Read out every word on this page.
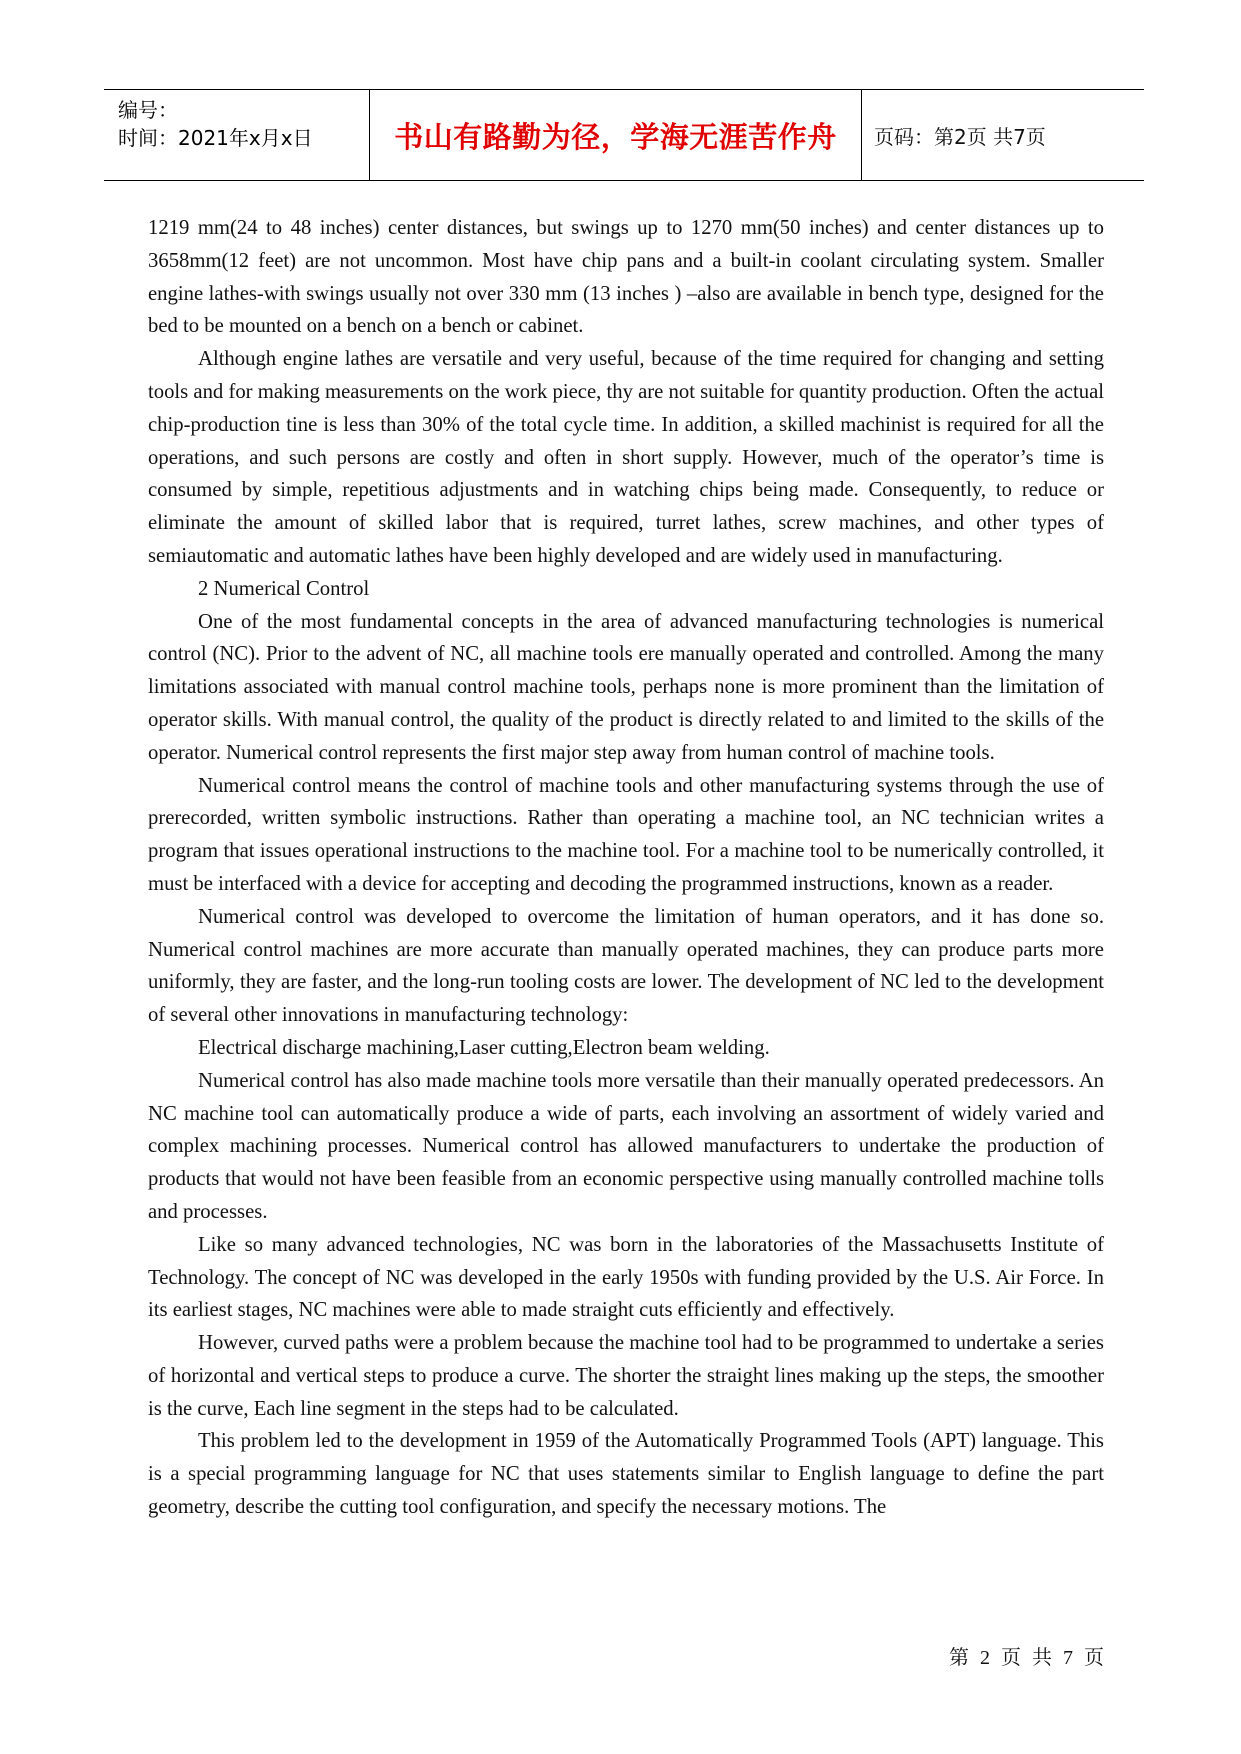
编号：
时间：2021年x月x日	书山有路勤为径，学海无涯苦作舟 页码：第2页 共7页

1219 mm(24 to 48 inches) center distances, but swings up to 1270 mm(50 inches) and center distances up to 3658mm(12 feet) are not uncommon. Most have chip pans and a built-in coolant circulating system. Smaller engine lathes-with swings usually not over 330 mm (13 inches ) –also are available in bench type, designed for the bed to be mounted on a bench on a bench or cabinet.

Although engine lathes are versatile and very useful, because of the time required for changing and setting tools and for making measurements on the work piece, thy are not suitable for quantity production. Often the actual chip-production tine is less than 30% of the total cycle time. In addition, a skilled machinist is required for all the operations, and such persons are costly and often in short supply. However, much of the operator’s time is consumed by simple, repetitious adjustments and in watching chips being made. Consequently, to reduce or eliminate the amount of skilled labor that is required, turret lathes, screw machines, and other types of semiautomatic and automatic lathes have been highly developed and are widely used in manufacturing.

2 Numerical Control

One of the most fundamental concepts in the area of advanced manufacturing technologies is numerical control (NC). Prior to the advent of NC, all machine tools ere manually operated and controlled. Among the many limitations associated with manual control machine tools, perhaps none is more prominent than the limitation of operator skills. With manual control, the quality of the product is directly related to and limited to the skills of the operator. Numerical control represents the first major step away from human control of machine tools.

Numerical control means the control of machine tools and other manufacturing systems through the use of prerecorded, written symbolic instructions. Rather than operating a machine tool, an NC technician writes a program that issues operational instructions to the machine tool. For a machine tool to be numerically controlled, it must be interfaced with a device for accepting and decoding the programmed instructions, known as a reader.

Numerical control was developed to overcome the limitation of human operators, and it has done so. Numerical control machines are more accurate than manually operated machines, they can produce parts more uniformly, they are faster, and the long-run tooling costs are lower. The development of NC led to the development of several other innovations in manufacturing technology:

Electrical discharge machining,Laser cutting,Electron beam welding.

Numerical control has also made machine tools more versatile than their manually operated predecessors. An NC machine tool can automatically produce a wide of parts, each involving an assortment of widely varied and complex machining processes. Numerical control has allowed manufacturers to undertake the production of products that would not have been feasible from an economic perspective using manually controlled machine tolls and processes.

Like so many advanced technologies, NC was born in the laboratories of the Massachusetts Institute of Technology. The concept of NC was developed in the early 1950s with funding provided by the U.S. Air Force. In its earliest stages, NC machines were able to made straight cuts efficiently and effectively.

However, curved paths were a problem because the machine tool had to be programmed to undertake a series of horizontal and vertical steps to produce a curve. The shorter the straight lines making up the steps, the smoother is the curve, Each line segment in the steps had to be calculated.

This problem led to the development in 1959 of the Automatically Programmed Tools (APT) language. This is a special programming language for NC that uses statements similar to English language to define the part geometry, describe the cutting tool configuration, and specify the necessary motions. The

第 2 页 共 7 页
